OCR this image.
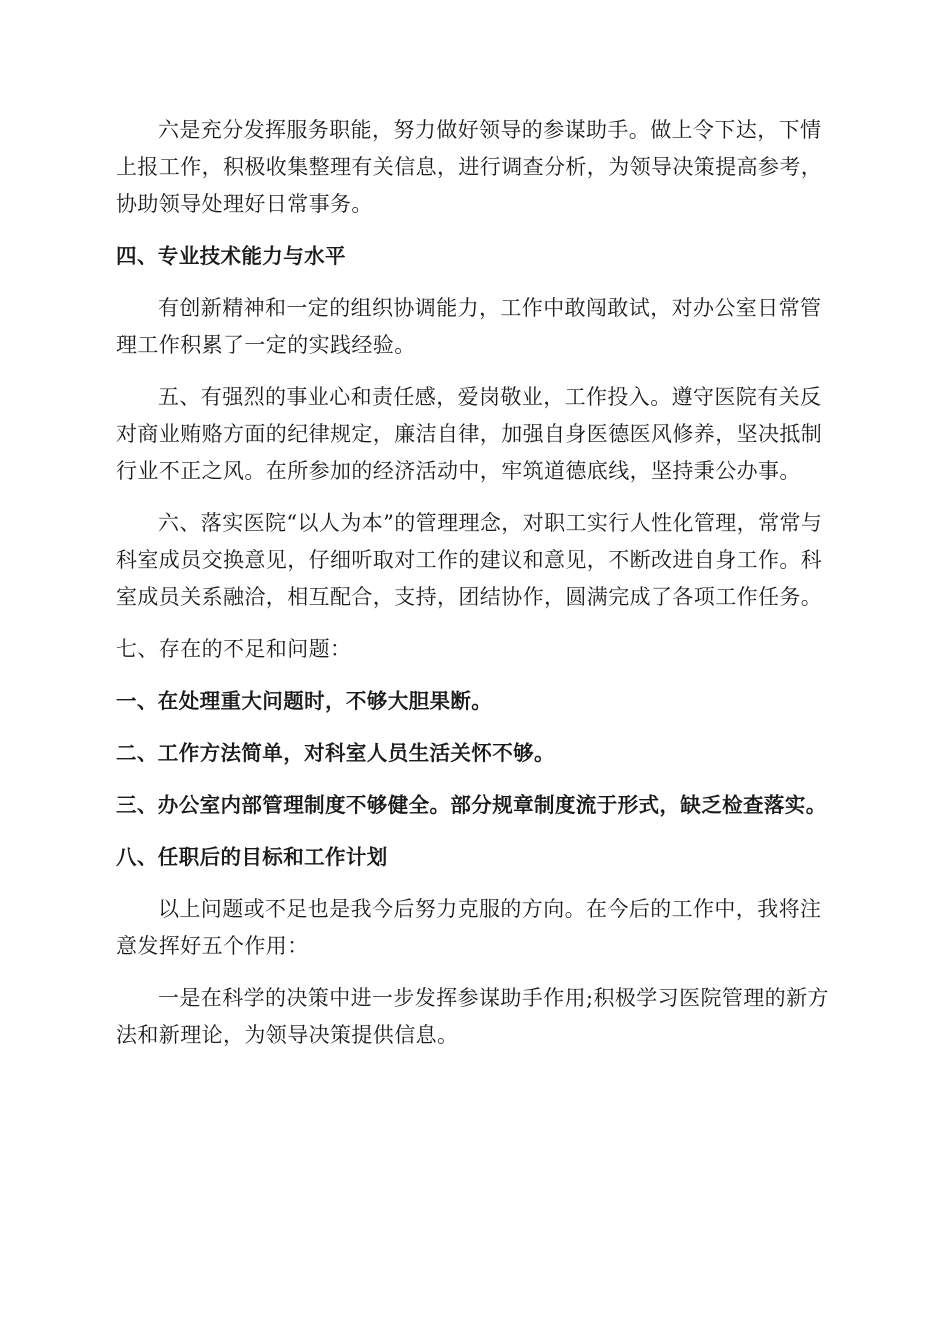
六是充分发挥服务职能，努力做好领导的参谋助手。做上令下达，下情上报工作，积极收集整理有关信息，进行调查分析，为领导决策提高参考，协助领导处理好日常事务。

四、专业技术能力与水平

有创新精神和一定的组织协调能力，工作中敢闯敢试，对办公室日常管理工作积累了一定的实践经验。

五、有强烈的事业心和责任感，爱岗敬业，工作投入。遵守医院有关反对商业贿赂方面的纪律规定，廉洁自律，加强自身医德医风修养，坚决抵制行业不正之风。在所参加的经济活动中，牢筑道德底线，坚持秉公办事。

六、落实医院“以人为本”的管理理念，对职工实行人性化管理，常常与科室成员交换意见，仔细听取对工作的建议和意见，不断改进自身工作。科室成员关系融洽，相互配合，支持，团结协作，圆满完成了各项工作任务。

七、存在的不足和问题：

一、在处理重大问题时，不够大胆果断。

二、工作方法简单，对科室人员生活关怀不够。

三、办公室内部管理制度不够健全。部分规章制度流于形式，缺乏检查落实。

八、任职后的目标和工作计划

以上问题或不足也是我今后努力克服的方向。在今后的工作中，我将注意发挥好五个作用：

一是在科学的决策中进一步发挥参谋助手作用;积极学习医院管理的新方法和新理论，为领导决策提供信息。
